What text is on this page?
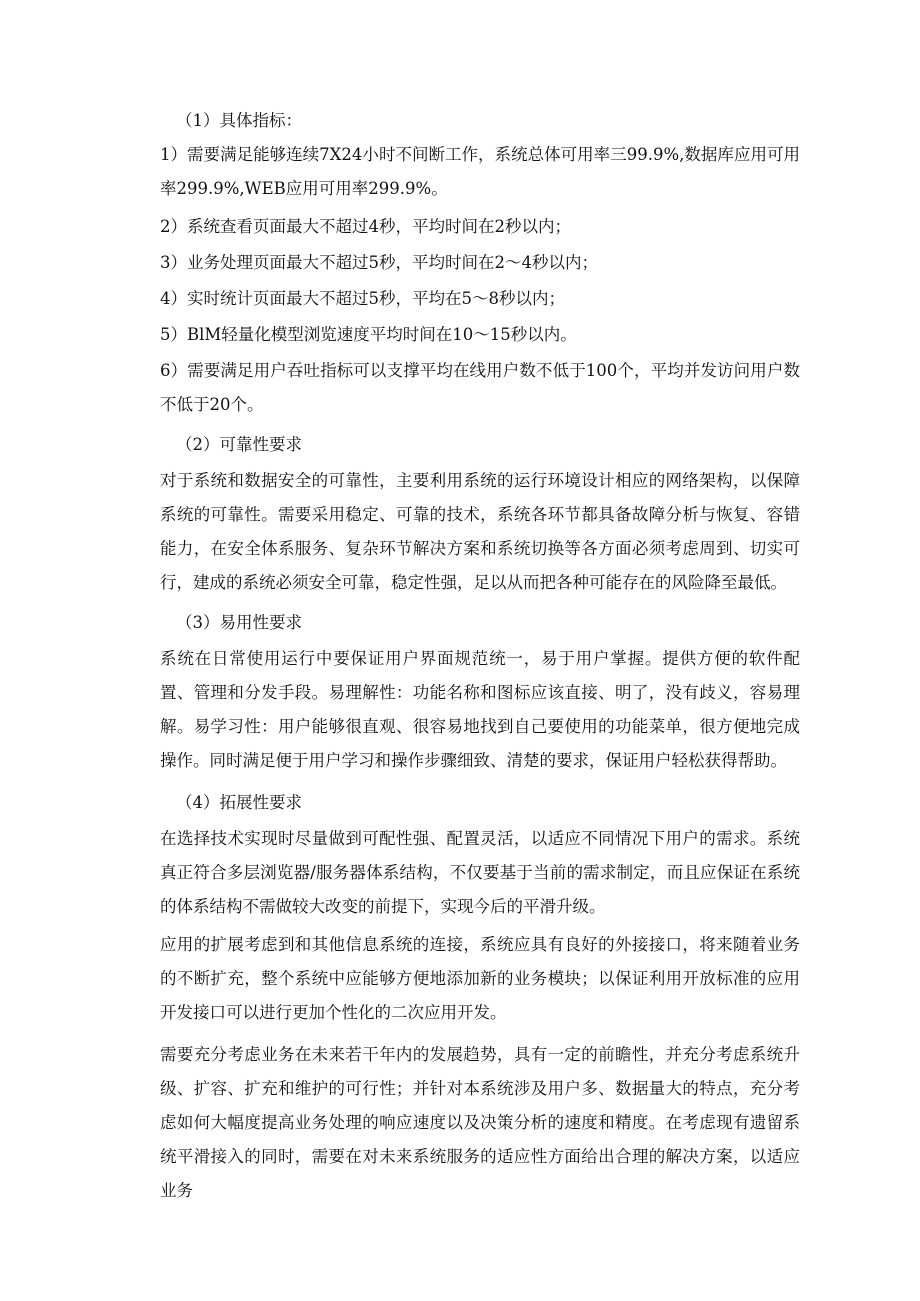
（1）具体指标：

1）需要满足能够连续7X24小时不间断工作，系统总体可用率三99.9%,数据库应用可用率299.9%,WEB应用可用率299.9%。

2）系统查看页面最大不超过4秒，平均时间在2秒以内；

3）业务处理页面最大不超过5秒，平均时间在2～4秒以内；

4）实时统计页面最大不超过5秒，平均在5～8秒以内；

5）BlM轻量化模型浏览速度平均时间在10～15秒以内。

6）需要满足用户吞吐指标可以支撑平均在线用户数不低于100个，平均并发访问用户数不低于20个。

（2）可靠性要求

对于系统和数据安全的可靠性，主要利用系统的运行环境设计相应的网络架构，以保障系统的可靠性。需要采用稳定、可靠的技术，系统各环节都具备故障分析与恢复、容错能力，在安全体系服务、复杂环节解决方案和系统切换等各方面必须考虑周到、切实可行，建成的系统必须安全可靠，稳定性强，足以从而把各种可能存在的风险降至最低。

（3）易用性要求

系统在日常使用运行中要保证用户界面规范统一，易于用户掌握。提供方便的软件配置、管理和分发手段。易理解性：功能名称和图标应该直接、明了，没有歧义，容易理解。易学习性：用户能够很直观、很容易地找到自己要使用的功能菜单，很方便地完成操作。同时满足便于用户学习和操作步骤细致、清楚的要求，保证用户轻松获得帮助。

（4）拓展性要求

在选择技术实现时尽量做到可配性强、配置灵活，以适应不同情况下用户的需求。系统真正符合多层浏览器/服务器体系结构，不仅要基于当前的需求制定，而且应保证在系统的体系结构不需做较大改变的前提下，实现今后的平滑升级。

应用的扩展考虑到和其他信息系统的连接，系统应具有良好的外接接口，将来随着业务的不断扩充，整个系统中应能够方便地添加新的业务模块；以保证利用开放标准的应用开发接口可以进行更加个性化的二次应用开发。

需要充分考虑业务在未来若干年内的发展趋势，具有一定的前瞻性，并充分考虑系统升级、扩容、扩充和维护的可行性；并针对本系统涉及用户多、数据量大的特点，充分考虑如何大幅度提高业务处理的响应速度以及决策分析的速度和精度。在考虑现有遗留系统平滑接入的同时，需要在对未来系统服务的适应性方面给出合理的解决方案，以适应业务
